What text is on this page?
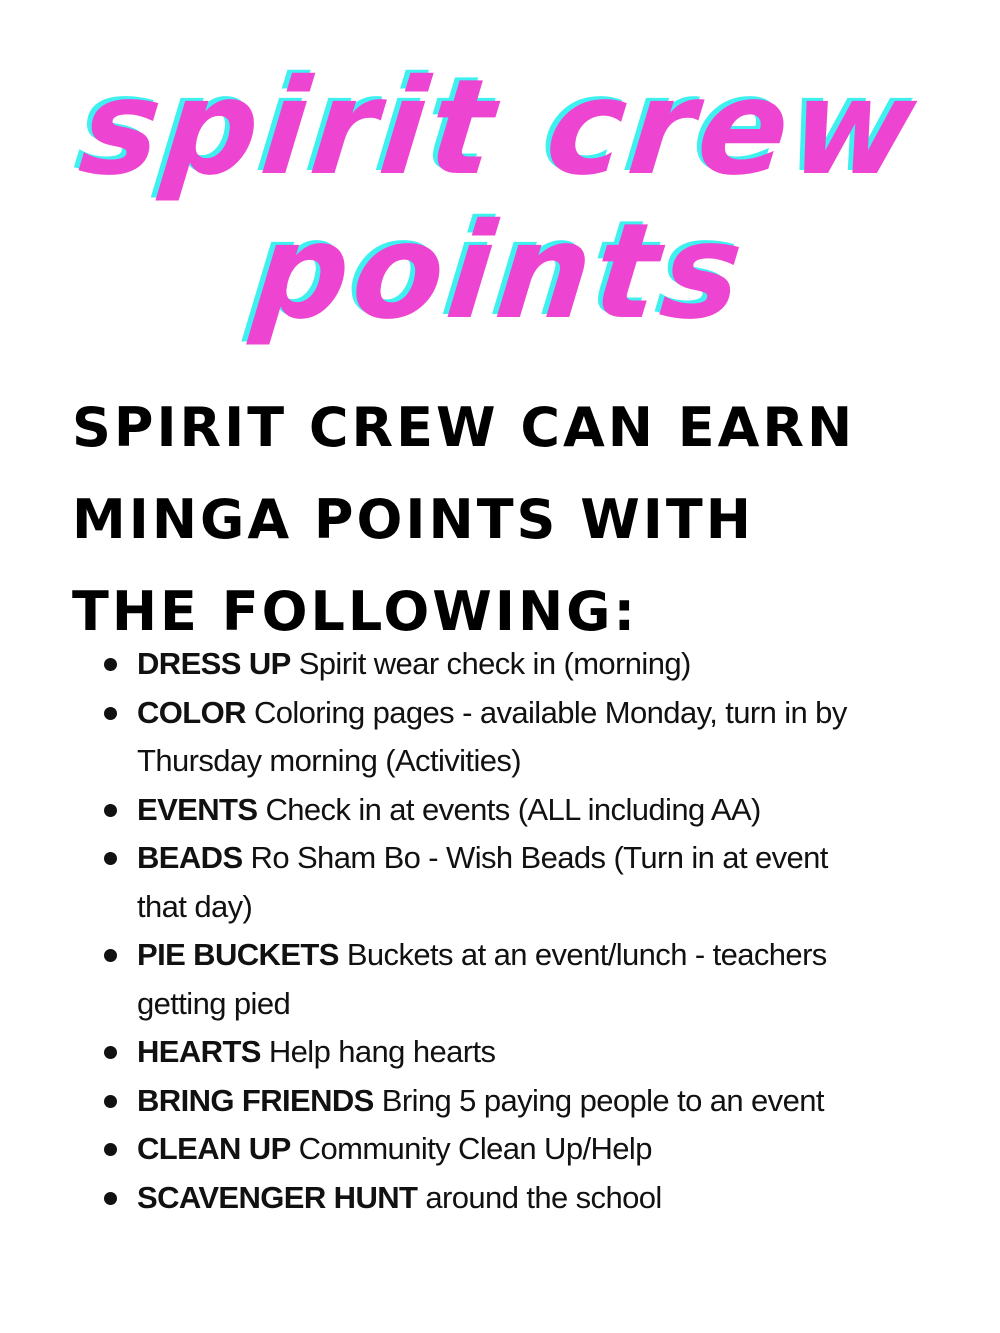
spirit crew
points
SPIRIT CREW CAN EARN MINGA POINTS WITH THE FOLLOWING:
DRESS UP Spirit wear check in (morning)
COLOR Coloring pages - available Monday, turn in by
Thursday morning (Activities)
EVENTS Check in at events (ALL including AA)
BEADS Ro Sham Bo - Wish Beads (Turn in at event
that day)
PIE BUCKETS Buckets at an event/lunch - teachers
getting pied
HEARTS Help hang hearts
BRING FRIENDS Bring 5 paying people to an event
CLEAN UP Community Clean Up/Help
SCAVENGER HUNT around the school
